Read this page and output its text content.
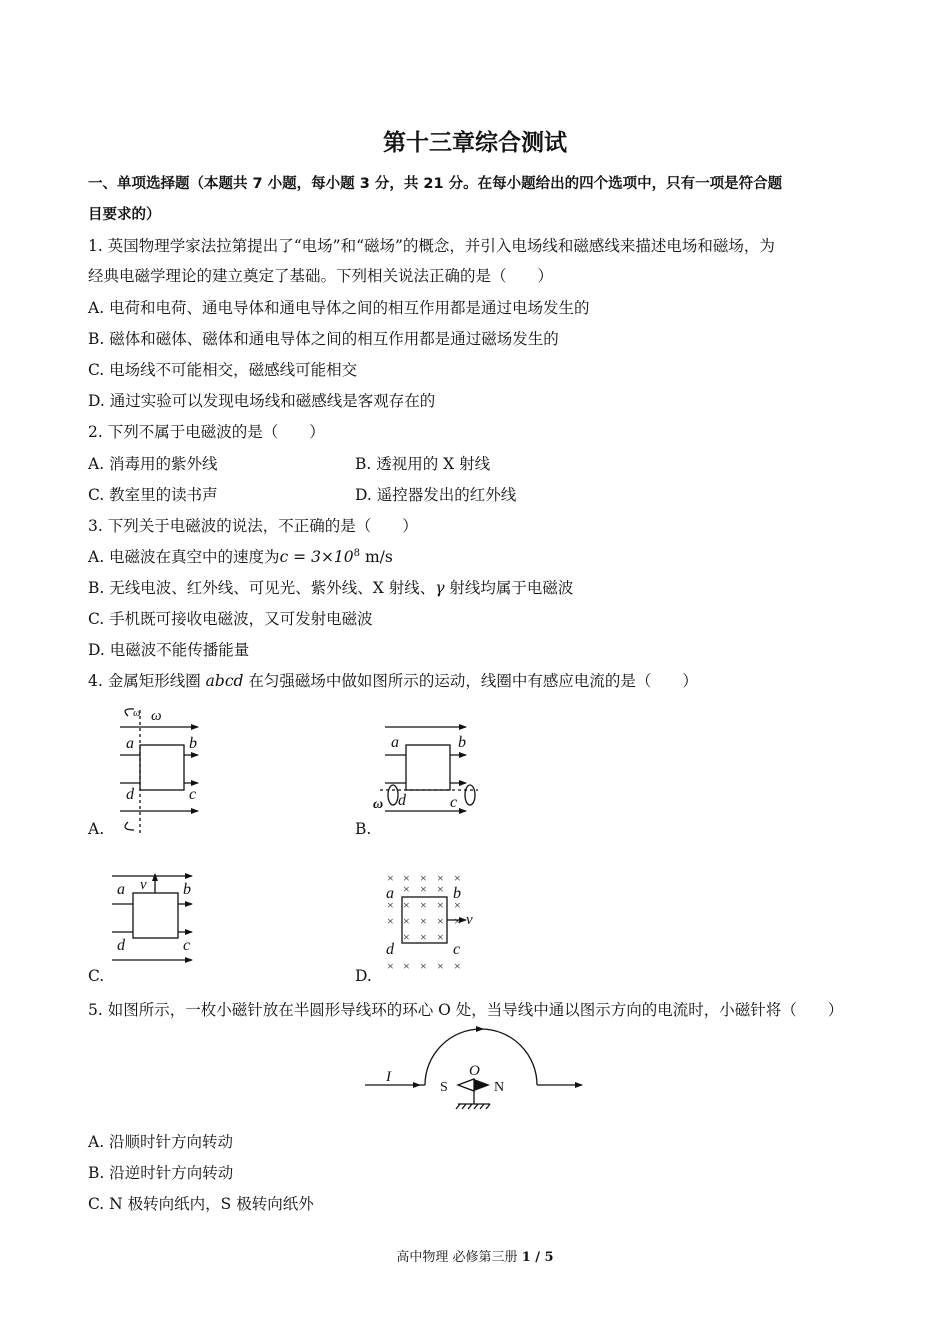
第十三章综合测试
一、单项选择题（本题共 7 小题，每小题 3 分，共 21 分。在每小题给出的四个选项中，只有一项是符合题
目要求的）
1. 英国物理学家法拉第提出了“电场”和“磁场”的概念，并引入电场线和磁感线来描述电场和磁场，为
经典电磁学理论的建立奠定了基础。下列相关说法正确的是（　　）
A. 电荷和电荷、通电导体和通电导体之间的相互作用都是通过电场发生的
B. 磁体和磁体、磁体和通电导体之间的相互作用都是通过磁场发生的
C. 电场线不可能相交，磁感线可能相交
D. 通过实验可以发现电场线和磁感线是客观存在的
2. 下列不属于电磁波的是（　　）
A. 消毒用的紫外线	B. 透视用的 X 射线
C. 教室里的读书声	D. 遥控器发出的红外线
3. 下列关于电磁波的说法，不正确的是（　　）
A. 电磁波在真空中的速度为$c = 3\times 10^8$ m/s
B. 无线电波、红外线、可见光、紫外线、X 射线、γ 射线均属于电磁波
C. 手机既可接收电磁波，又可发射电磁波
D. 电磁波不能传播能量
4. 金属矩形线圈 abcd 在匀强磁场中做如图所示的运动，线圈中有感应电流的是（　　）
ω ω
a	b
c
d
a	b
c
d
ω
a v b
c
d
× × × × ×
× × ×
× × × × ×
× × × × ×
× × ×
× × × × ×
a	b
c
d
v
I	O
S	N
A.	B.
C.	D.
5. 如图所示，一枚小磁针放在半圆形导线环的环心 O 处，当导线中通以图示方向的电流时，小磁针将（　　）
A. 沿顺时针方向转动
B. 沿逆时针方向转动
C. N 极转向纸内，S 极转向纸外
高中物理 必修第三册 1 / 5
